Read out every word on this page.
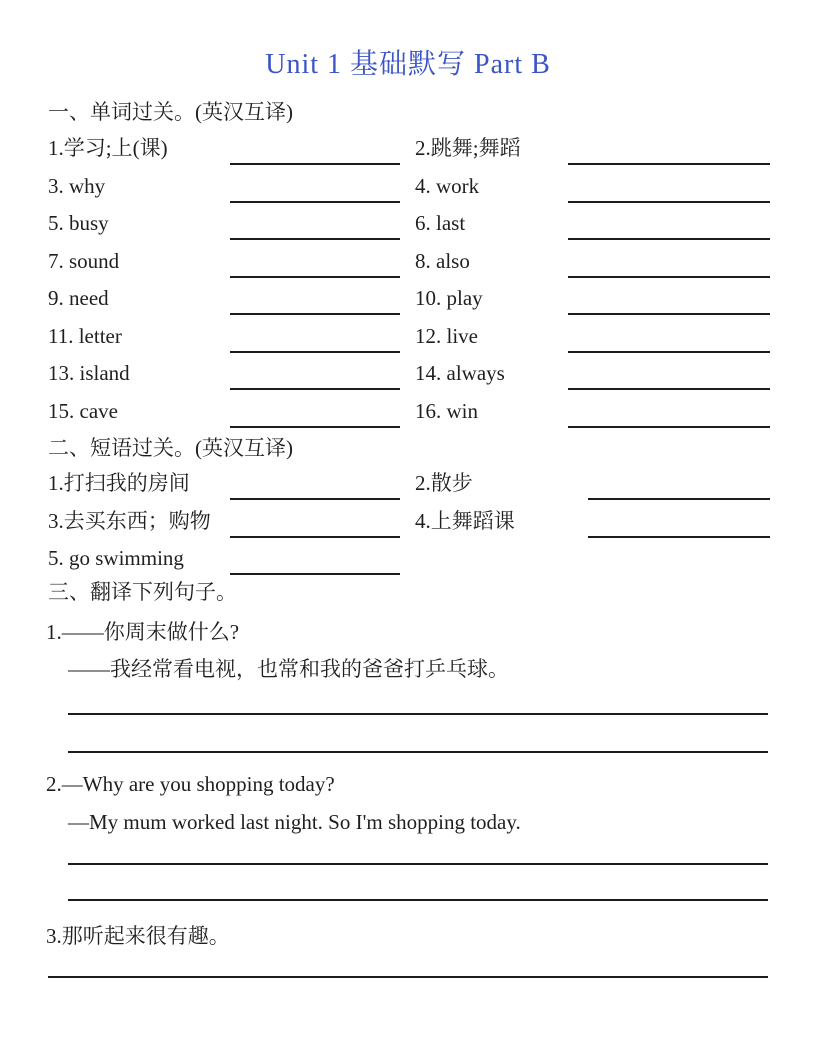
Unit 1 基础默写 Part B
一、单词过关。(英汉互译)
1.学习;上(课)	2.跳舞;舞蹈
3. why	4. work
5. busy	6. last
7. sound	8. also
9. need	10. play
11. letter	12. live
13. island	14. always
15. cave	16. win
二、短语过关。(英汉互译)
1.打扫我的房间	2.散步
3.去买东西；购物	4.上舞蹈课
5. go swimming
三、翻译下列句子。
1.——你周末做什么?
——我经常看电视，也常和我的爸爸打乒乓球。
2.—Why are you shopping today?
—My mum worked last night. So I'm shopping today.
3.那听起来很有趣。
